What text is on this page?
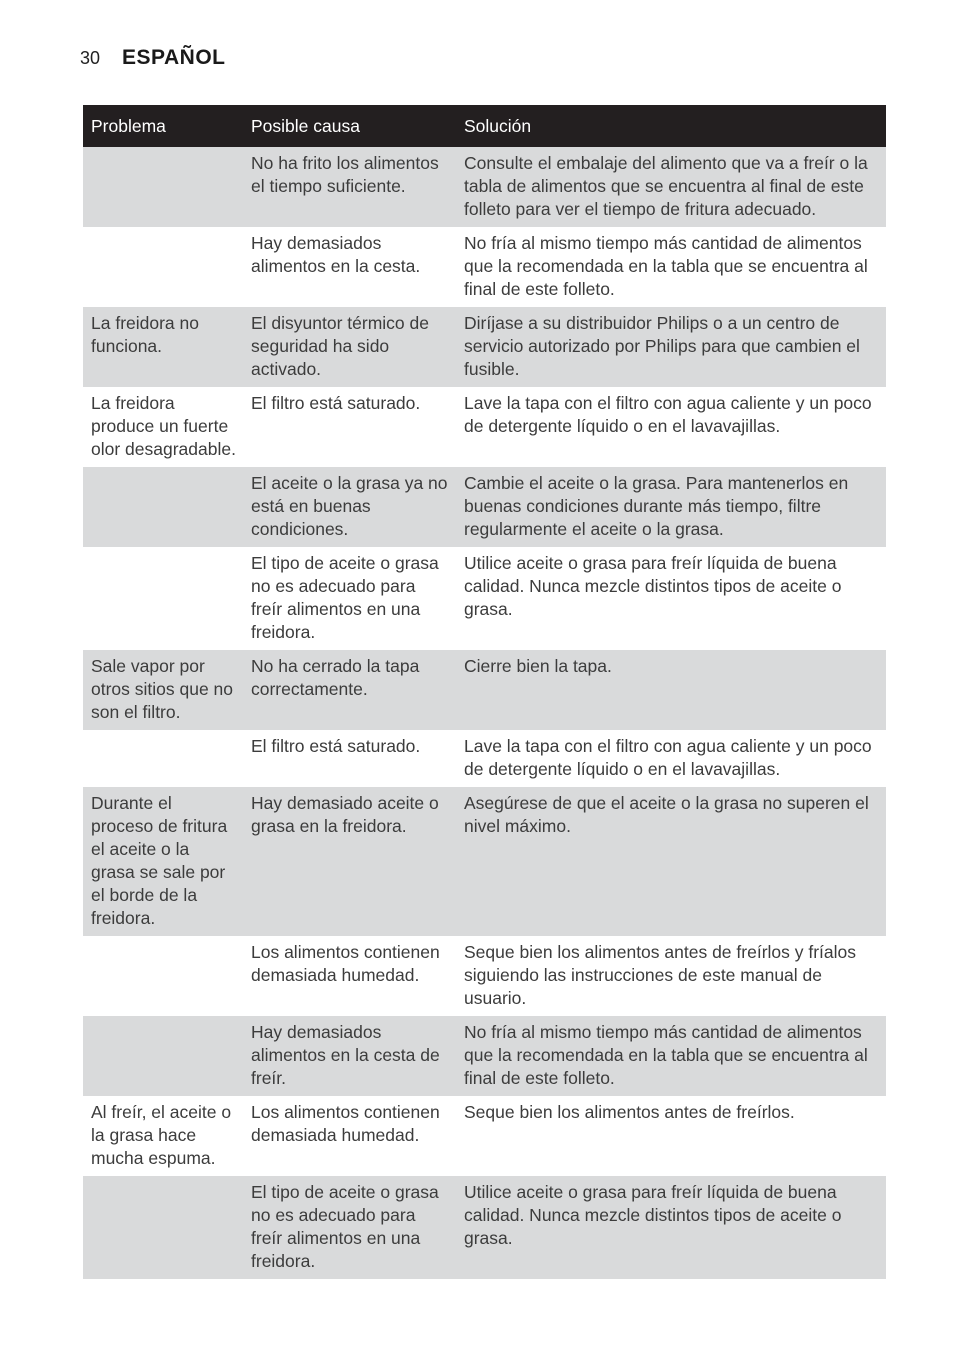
30 ESPAÑOL
Problema	Posible causa	Solución
	No ha frito los alimentos el tiempo suficiente.	Consulte el embalaje del alimento que va a freír o la tabla de alimentos que se encuentra al final de este folleto para ver el tiempo de fritura adecuado.
	Hay demasiados alimentos en la cesta.	No fría al mismo tiempo más cantidad de alimentos que la recomendada en la tabla que se encuentra al final de este folleto.
La freidora no funciona.	El disyuntor térmico de seguridad ha sido activado.	Diríjase a su distribuidor Philips o a un centro de servicio autorizado por Philips para que cambien el fusible.
La freidora produce un fuerte olor desagradable.	El filtro está saturado.	Lave la tapa con el filtro con agua caliente y un poco de detergente líquido o en el lavavajillas.
	El aceite o la grasa ya no está en buenas condiciones.	Cambie el aceite o la grasa. Para mantenerlos en buenas condiciones durante más tiempo, filtre regularmente el aceite o la grasa.
	El tipo de aceite o grasa no es adecuado para freír alimentos en una freidora.	Utilice aceite o grasa para freír líquida de buena calidad. Nunca mezcle distintos tipos de aceite o grasa.
Sale vapor por otros sitios que no son el filtro.	No ha cerrado la tapa correctamente.	Cierre bien la tapa.
	El filtro está saturado.	Lave la tapa con el filtro con agua caliente y un poco de detergente líquido o en el lavavajillas.
Durante el proceso de fritura el aceite o la grasa se sale por el borde de la freidora.	Hay demasiado aceite o grasa en la freidora.	Asegúrese de que el aceite o la grasa no superen el nivel máximo.
	Los alimentos contienen demasiada humedad.	Seque bien los alimentos antes de freírlos y fríalos siguiendo las instrucciones de este manual de usuario.
	Hay demasiados alimentos en la cesta de freír.	No fría al mismo tiempo más cantidad de alimentos que la recomendada en la tabla que se encuentra al final de este folleto.
Al freír, el aceite o la grasa hace mucha espuma.	Los alimentos contienen demasiada humedad.	Seque bien los alimentos antes de freírlos.
	El tipo de aceite o grasa no es adecuado para freír alimentos en una freidora.	Utilice aceite o grasa para freír líquida de buena calidad. Nunca mezcle distintos tipos de aceite o grasa.
